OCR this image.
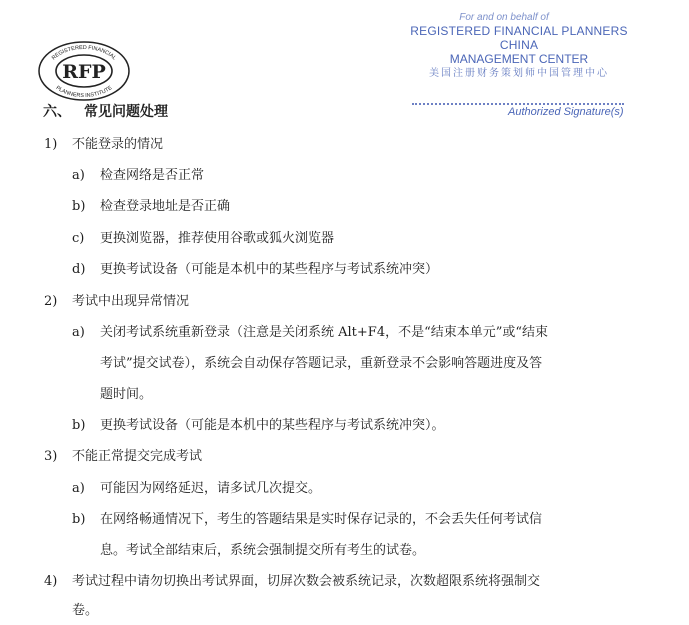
RFP
REGISTERED FINANCIAL
PLANNERS INSTITUTE
For and on behalf of
REGISTERED FINANCIAL PLANNERS CHINA
MANAGEMENT CENTER
美国注册财务策划师中国管理中心
Authorized Signature(s)
六、 常见问题处理
1) 不能登录的情况
a) 检查网络是否正常
b) 检查登录地址是否正确
c) 更换浏览器，推荐使用谷歌或狐火浏览器
d) 更换考试设备（可能是本机中的某些程序与考试系统冲突）
2) 考试中出现异常情况
a) 关闭考试系统重新登录（注意是关闭系统 Alt+F4，不是“结束本单元”或“结束
考试”提交试卷），系统会自动保存答题记录，重新登录不会影响答题进度及答
题时间。
b) 更换考试设备（可能是本机中的某些程序与考试系统冲突）。
3) 不能正常提交完成考试
a) 可能因为网络延迟，请多试几次提交。
b) 在网络畅通情况下，考生的答题结果是实时保存记录的，不会丢失任何考试信
息。考试全部结束后，系统会强制提交所有考生的试卷。
4) 考试过程中请勿切换出考试界面，切屏次数会被系统记录，次数超限系统将强制交
卷。
